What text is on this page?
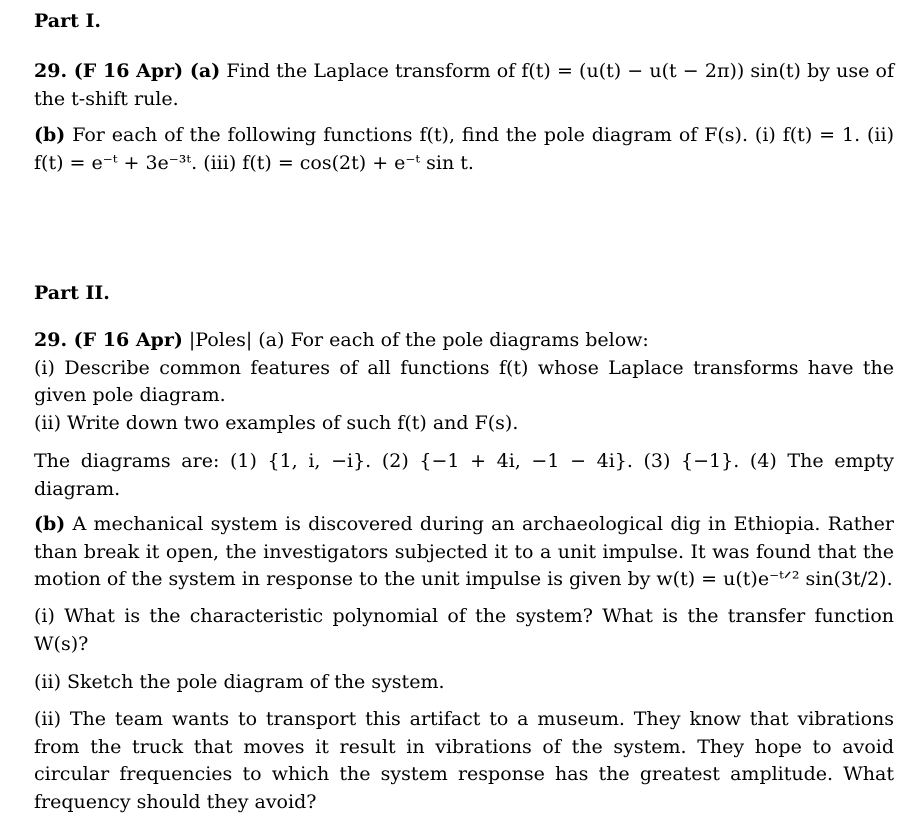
Part I.
29. (F 16 Apr) (a) Find the Laplace transform of f(t) = (u(t) − u(t − 2π)) sin(t) by use of the t-shift rule.
(b) For each of the following functions f(t), find the pole diagram of F(s). (i) f(t) = 1. (ii) f(t) = e⁻ᵗ + 3e⁻³ᵗ. (iii) f(t) = cos(2t) + e⁻ᵗ sin t.
Part II.
29. (F 16 Apr) |Poles| (a) For each of the pole diagrams below:
(i) Describe common features of all functions f(t) whose Laplace transforms have the given pole diagram.
(ii) Write down two examples of such f(t) and F(s).
The diagrams are: (1) {1, i, −i}. (2) {−1 + 4i, −1 − 4i}. (3) {−1}. (4) The empty diagram.
(b) A mechanical system is discovered during an archaeological dig in Ethiopia. Rather than break it open, the investigators subjected it to a unit impulse. It was found that the motion of the system in response to the unit impulse is given by w(t) = u(t)e⁻ᵗᐟ² sin(3t/2).
(i) What is the characteristic polynomial of the system? What is the transfer function W(s)?
(ii) Sketch the pole diagram of the system.
(ii) The team wants to transport this artifact to a museum. They know that vibrations from the truck that moves it result in vibrations of the system. They hope to avoid circular frequencies to which the system response has the greatest amplitude. What frequency should they avoid?
